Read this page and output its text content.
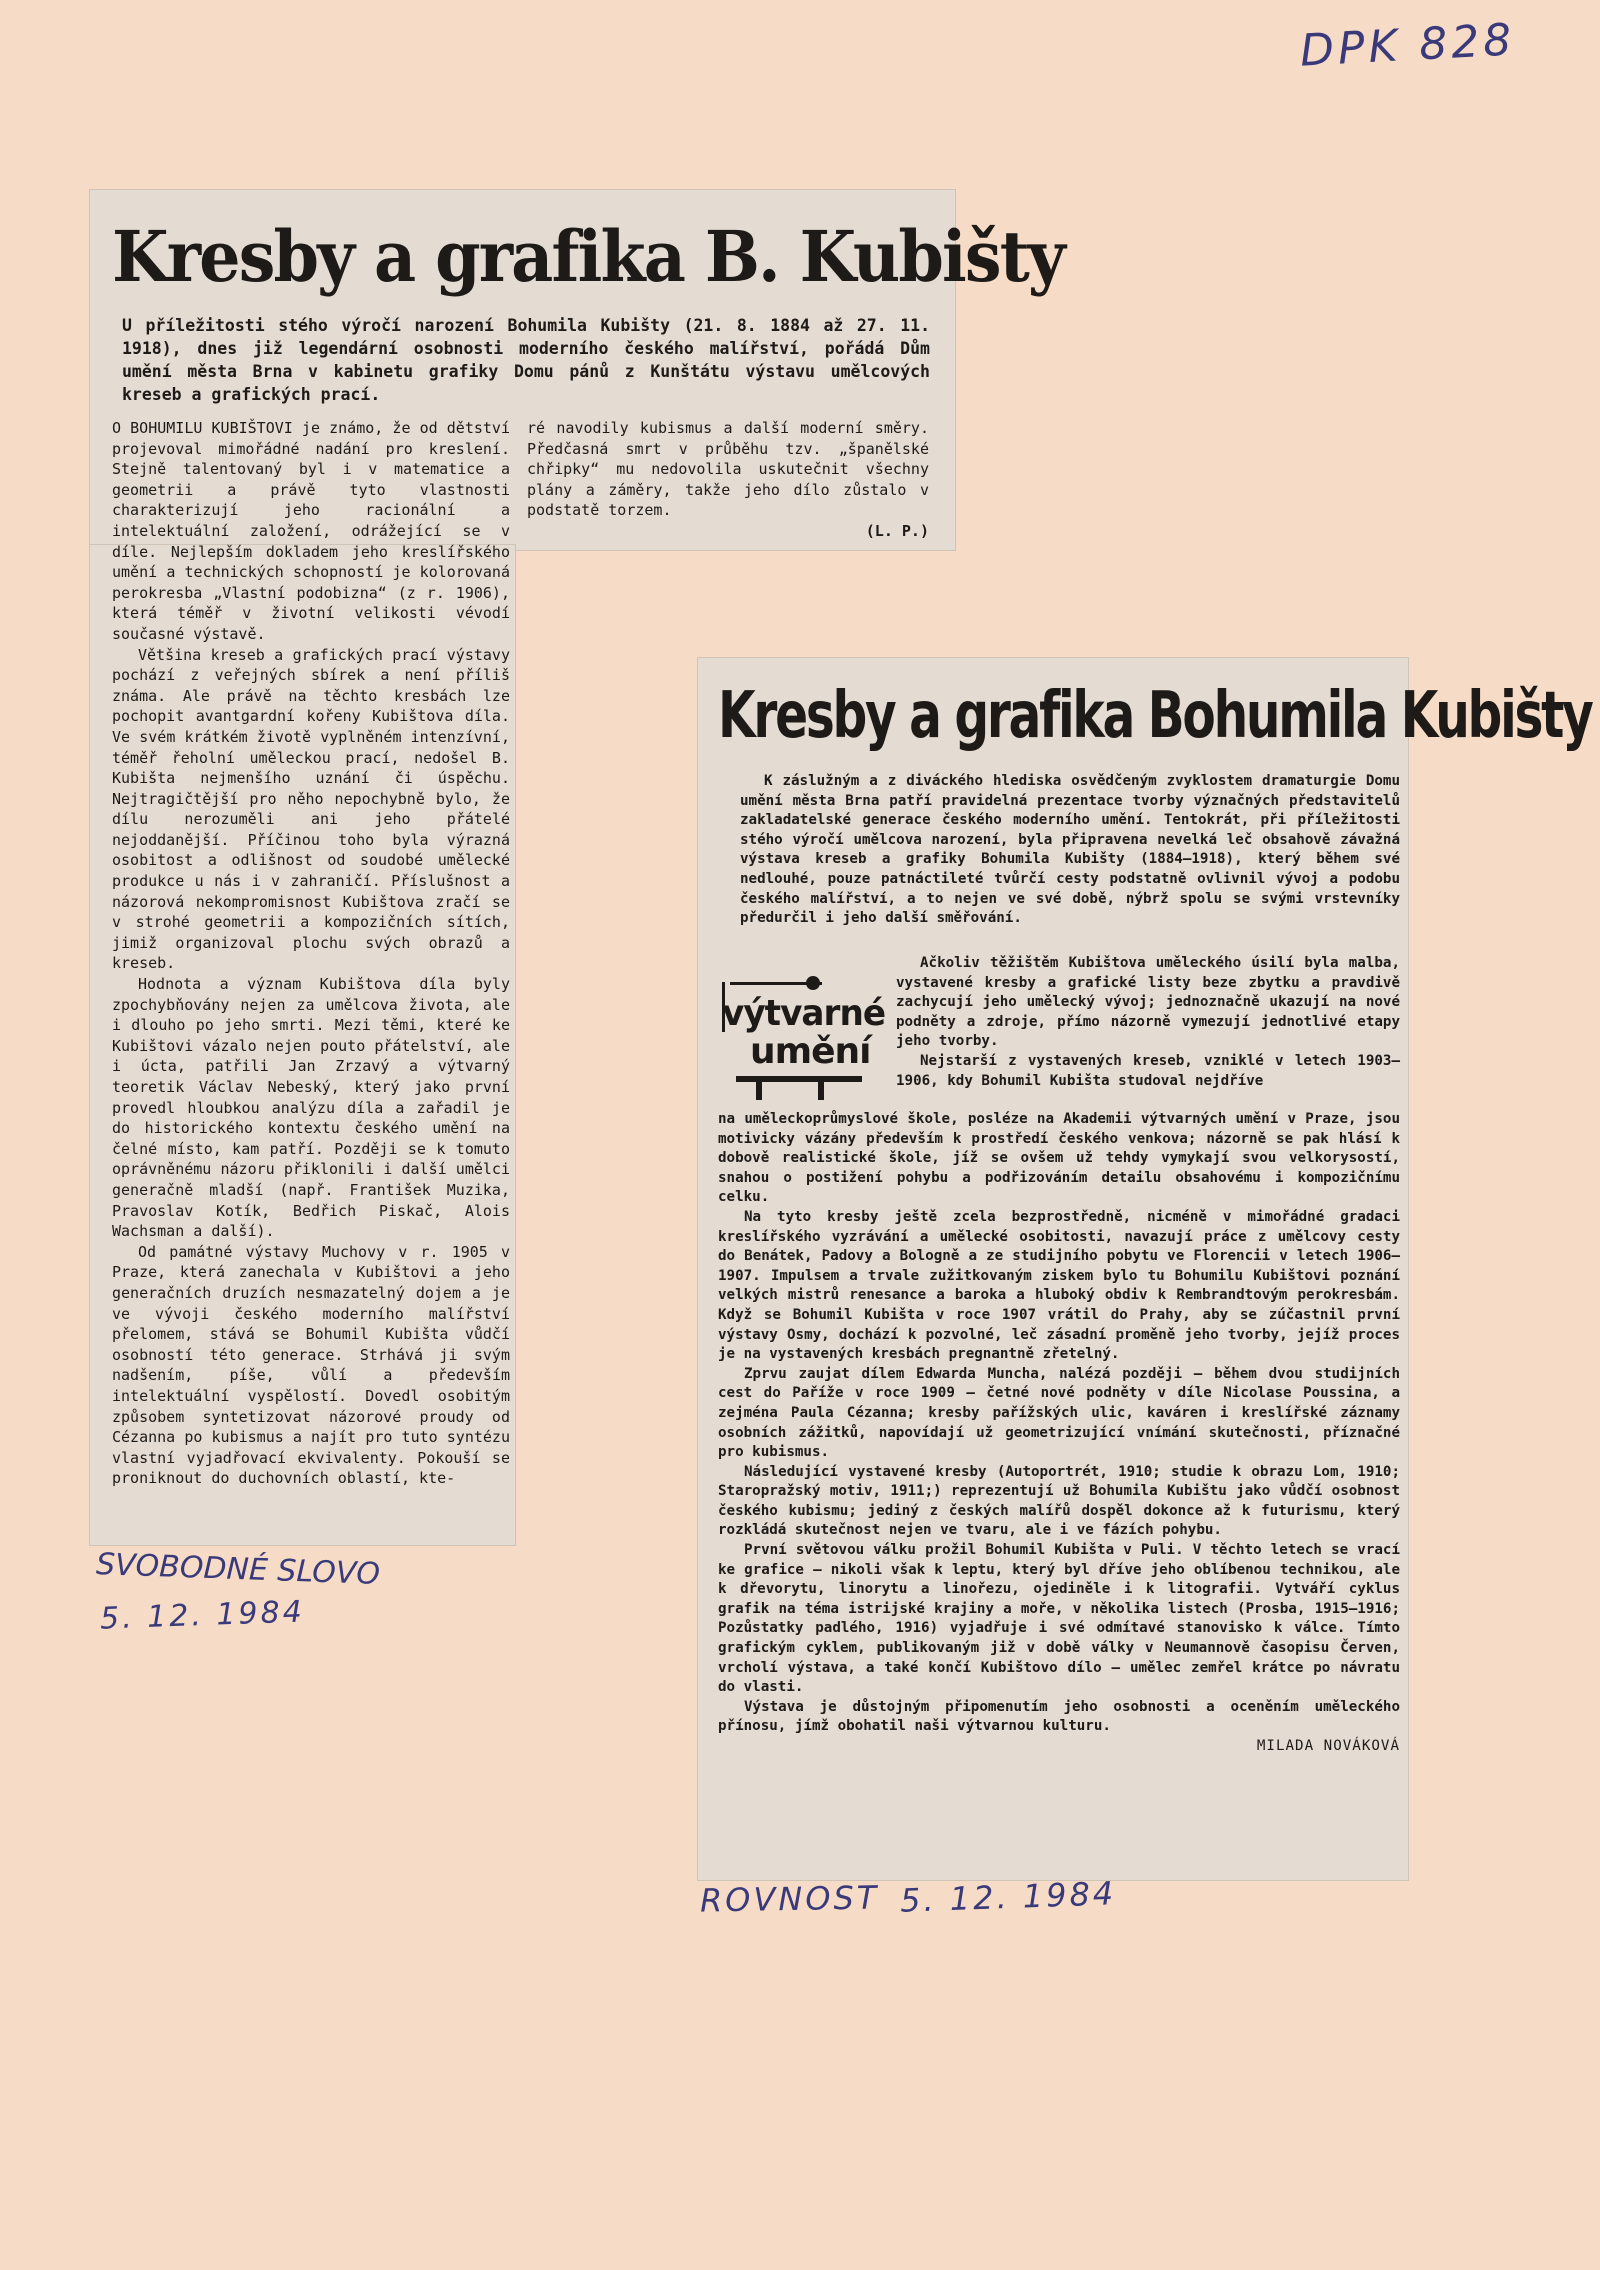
DPK 828
Kresby a grafika B. Kubišty

U příležitosti stého výročí narození Bohumila Kubišty (21. 8. 1884 až 27. 11. 1918), dnes již legendární osobnosti moderního českého malířství, pořádá Dům umění města Brna v kabinetu grafiky Domu pánů z Kunštátu výstavu umělcových kreseb a grafických prací.

O BOHUMILU KUBIŠTOVI je známo, že od dětství projevoval mimořádné nadání pro kreslení. Stejně talentovaný byl i v matematice a geometrii a právě tyto vlastnosti charakterizují jeho racionální a intelektuální založení, odrážející se v díle. Nejlepším dokladem jeho kreslířského umění a technických schopností je kolorovaná perokresba „Vlastní podobizna“ (z r. 1906), která téměř v životní velikosti vévodí současné výstavě.

Většina kreseb a grafických prací výstavy pochází z veřejných sbírek a není příliš známa. Ale právě na těchto kresbách lze pochopit avantgardní kořeny Kubištova díla. Ve svém krátkém životě vyplněném intenzívní, téměř řeholní uměleckou prací, nedošel B. Kubišta nejmenšího uznání či úspěchu. Nejtragičtější pro něho nepochybně bylo, že dílu nerozuměli ani jeho přátelé nejoddanější. Příčinou toho byla výrazná osobitost a odlišnost od soudobé umělecké produkce u nás i v zahraničí. Příslušnost a názorová nekompromisnost Kubištova zračí se v strohé geometrii a kompozičních sítích, jimiž organizoval plochu svých obrazů a kreseb.

Hodnota a význam Kubištova díla byly zpochybňovány nejen za umělcova života, ale i dlouho po jeho smrti. Mezi těmi, které ke Kubištovi vázalo nejen pouto přátelství, ale i úcta, patřili Jan Zrzavý a výtvarný teoretik Václav Nebeský, který jako první provedl hloubkou analýzu díla a zařadil je do historického kontextu českého umění na čelné místo, kam patří. Později se k tomuto oprávněnému názoru přiklonili i další umělci generačně mladší (např. František Muzika, Pravoslav Kotík, Bedřich Piskač, Alois Wachsman a další).

Od památné výstavy Muchovy v r. 1905 v Praze, která zanechala v Kubištovi a jeho generačních druzích nesmazatelný dojem a je ve vývoji českého moderního malířství přelomem, stává se Bohumil Kubišta vůdčí osobností této generace. Strhává ji svým nadšením, píše, vůlí a především intelektuální vyspělostí. Dovedl osobitým způsobem syntetizovat názorové proudy od Cézanna po kubismus a najít pro tuto syntézu vlastní vyjadřovací ekvivalenty. Pokouší se proniknout do duchovních oblastí, kte-

ré navodily kubismus a další moderní směry. Předčasná smrt v průběhu tzv. „španělské chřipky“ mu nedovolila uskutečnit všechny plány a záměry, takže jeho dílo zůstalo v podstatě torzem.

(L. P.)
SVOBODNÉ SLOVO
5. 12. 1984
Kresby a grafika Bohumila Kubišty

K záslužným a z diváckého hlediska osvědčeným zvyklostem dramaturgie Domu umění města Brna patří pravidelná prezentace tvorby význačných představitelů zakladatelské generace českého moderního umění. Tentokrát, při příležitosti stého výročí umělcova narození, byla připravena nevelká leč obsahově závažná výstava kreseb a grafiky Bohumila Kubišty (1884—1918), který během své nedlouhé, pouze patnáctileté tvůrčí cesty podstatně ovlivnil vývoj a podobu českého malířství, a to nejen ve své době, nýbrž spolu se svými vrstevníky předurčil i jeho další směřování.

výtvarné
umění

Ačkoliv těžištěm Kubištova uměleckého úsilí byla malba, vystavené kresby a grafické listy beze zbytku a pravdivě zachycují jeho umělecký vývoj; jednoznačně ukazují na nové podněty a zdroje, přímo názorně vymezují jednotlivé etapy jeho tvorby.
Nejstarší z vystavených kreseb, vzniklé v letech 1903—1906, kdy Bohumil Kubišta studoval nejdříve

na uměleckoprůmyslové škole, posléze na Akademii výtvarných umění v Praze, jsou motivicky vázány především k prostředí českého venkova; názorně se pak hlásí k dobově realistické škole, jíž se ovšem už tehdy vymykají svou velkorysostí, snahou o postižení pohybu a podřizováním detailu obsahovému i kompozičnímu celku.

Na tyto kresby ještě zcela bezprostředně, nicméně v mimořádné gradaci kreslířského vyzrávání a umělecké osobitosti, navazují práce z umělcovy cesty do Benátek, Padovy a Bologně a ze studijního pobytu ve Florencii v letech 1906—1907. Impulsem a trvale zužitkovaným ziskem bylo tu Bohumilu Kubištovi poznání velkých mistrů renesance a baroka a hluboký obdiv k Rembrandtovým perokresbám. Když se Bohumil Kubišta v roce 1907 vrátil do Prahy, aby se zúčastnil první výstavy Osmy, dochází k pozvolné, leč zásadní proměně jeho tvorby, jejíž proces je na vystavených kresbách pregnantně zřetelný.

Zprvu zaujat dílem Edwarda Muncha, nalézá později — během dvou studijních cest do Paříže v roce 1909 — četné nové podněty v díle Nicolase Poussina, a zejména Paula Cézanna; kresby pařížských ulic, kaváren i kreslířské záznamy osobních zážitků, napovídají už geometrizující vnímání skutečnosti, příznačné pro kubismus.

Následující vystavené kresby (Autoportrét, 1910; studie k obrazu Lom, 1910; Staropražský motiv, 1911;) reprezentují už Bohumila Kubištu jako vůdčí osobnost českého kubismu; jediný z českých malířů dospěl dokonce až k futurismu, který rozkládá skutečnost nejen ve tvaru, ale i ve fázích pohybu.

První světovou válku prožil Bohumil Kubišta v Puli. V těchto letech se vrací ke grafice — nikoli však k leptu, který byl dříve jeho oblíbenou technikou, ale k dřevorytu, linorytu a linořezu, ojediněle i k litografii. Vytváří cyklus grafik na téma istrijské krajiny a moře, v několika listech (Prosba, 1915—1916; Pozůstatky padlého, 1916) vyjadřuje i své odmítavé stanovisko k válce. Tímto grafickým cyklem, publikovaným již v době války v Neumannově časopisu Červen, vrcholí výstava, a také končí Kubištovo dílo — umělec zemřel krátce po návratu do vlasti.

Výstava je důstojným připomenutím jeho osobnosti a oceněním uměleckého přínosu, jímž obohatil naši výtvarnou kulturu.

MILADA NOVÁKOVÁ
ROVNOST 5. 12. 1984
